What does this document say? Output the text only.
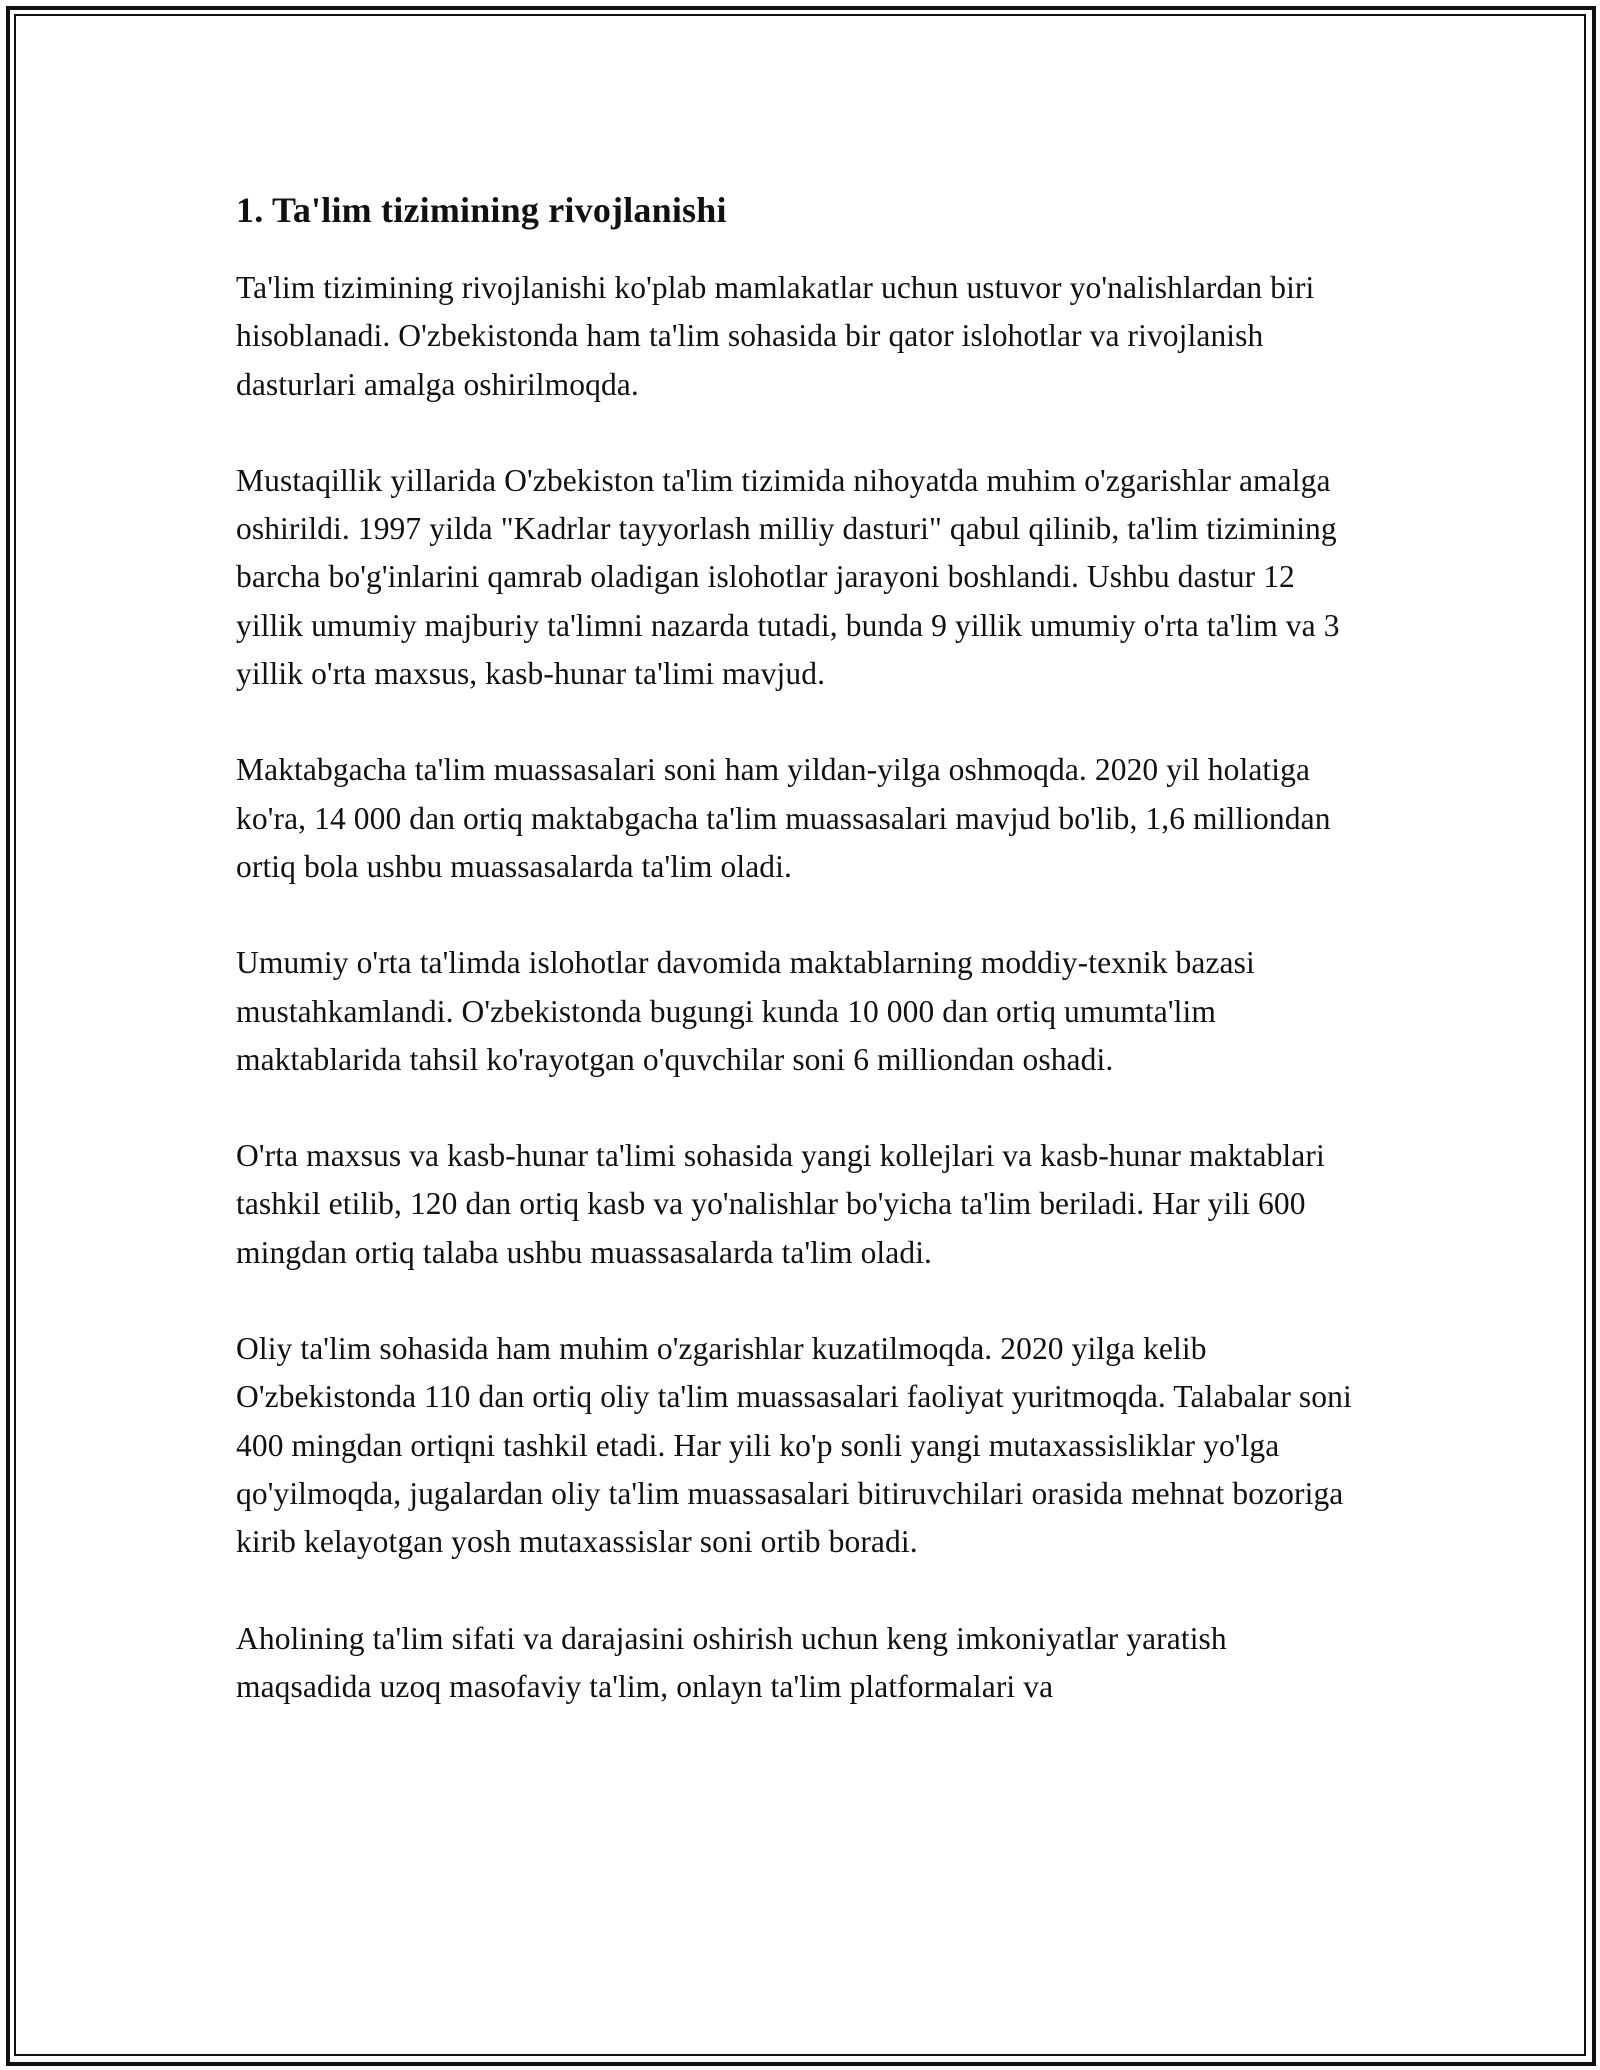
1. Ta'lim tizimining rivojlanishi

Ta'lim tizimining rivojlanishi ko'plab mamlakatlar uchun ustuvor yo'nalishlardan biri hisoblanadi. O'zbekistonda ham ta'lim sohasida bir qator islohotlar va rivojlanish dasturlari amalga oshirilmoqda.

Mustaqillik yillarida O'zbekiston ta'lim tizimida nihoyatda muhim o'zgarishlar amalga oshirildi. 1997 yilda "Kadrlar tayyorlash milliy dasturi" qabul qilinib, ta'lim tizimining barcha bo'g'inlarini qamrab oladigan islohotlar jarayoni boshlandi. Ushbu dastur 12 yillik umumiy majburiy ta'limni nazarda tutadi, bunda 9 yillik umumiy o'rta ta'lim va 3 yillik o'rta maxsus, kasb-hunar ta'limi mavjud.

Maktabgacha ta'lim muassasalari soni ham yildan-yilga oshmoqda. 2020 yil holatiga ko'ra, 14 000 dan ortiq maktabgacha ta'lim muassasalari mavjud bo'lib, 1,6 milliondan ortiq bola ushbu muassasalarda ta'lim oladi.

Umumiy o'rta ta'limda islohotlar davomida maktablarning moddiy-texnik bazasi mustahkamlandi. O'zbekistonda bugungi kunda 10 000 dan ortiq umumta'lim maktablarida tahsil ko'rayotgan o'quvchilar soni 6 milliondan oshadi.

O'rta maxsus va kasb-hunar ta'limi sohasida yangi kollejlari va kasb-hunar maktablari tashkil etilib, 120 dan ortiq kasb va yo'nalishlar bo'yicha ta'lim beriladi. Har yili 600 mingdan ortiq talaba ushbu muassasalarda ta'lim oladi.

Oliy ta'lim sohasida ham muhim o'zgarishlar kuzatilmoqda. 2020 yilga kelib O'zbekistonda 110 dan ortiq oliy ta'lim muassasalari faoliyat yuritmoqda. Talabalar soni 400 mingdan ortiqni tashkil etadi. Har yili ko'p sonli yangi mutaxassisliklar yo'lga qo'yilmoqda, jugalardan oliy ta'lim muassasalari bitiruvchilari orasida mehnat bozoriga kirib kelayotgan yosh mutaxassislar soni ortib boradi.

Aholining ta'lim sifati va darajasini oshirish uchun keng imkoniyatlar yaratish maqsadida uzoq masofaviy ta'lim, onlayn ta'lim platformalari va
